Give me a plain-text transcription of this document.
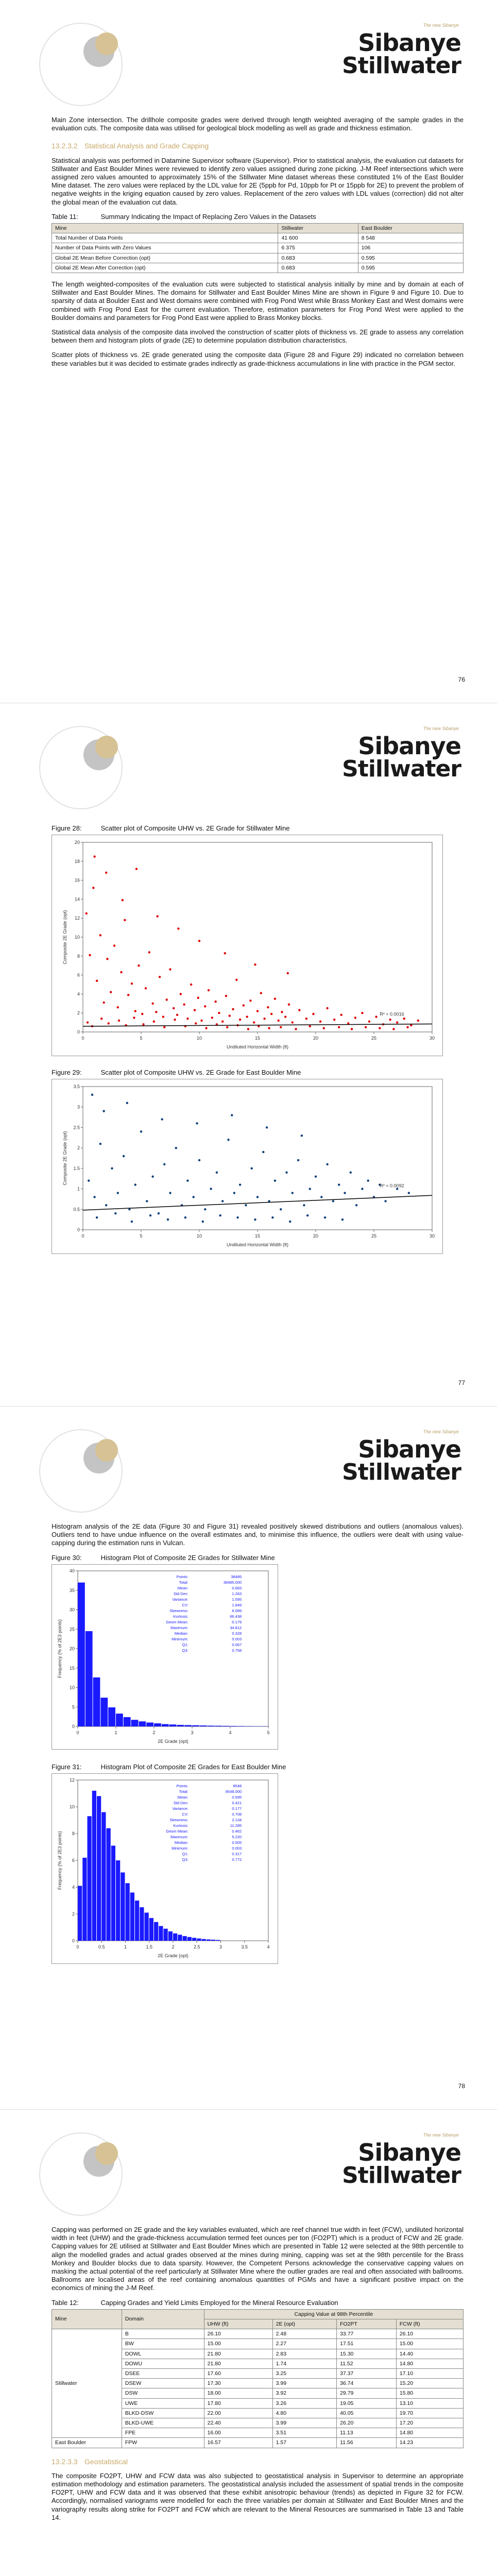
The new Sibanye
Sibanye
Stillwater

Main Zone intersection. The drillhole composite grades were derived through length weighted averaging of the sample grades in the evaluation cuts. The composite data was utilised for geological block modelling as well as grade and thickness estimation.

13.2.3.2 Statistical Analysis and Grade Capping

Statistical analysis was performed in Datamine Supervisor software (Supervisor). Prior to statistical analysis, the evaluation cut datasets for Stillwater and East Boulder Mines were reviewed to identify zero values assigned during zone picking. J-M Reef intersections which were assigned zero values amounted to approximately 15% of the Stillwater Mine dataset whereas these constituted 1% of the East Boulder Mine dataset. The zero values were replaced by the LDL value for 2E (5ppb for Pd, 10ppb for Pt or 15ppb for 2E) to prevent the problem of negative weights in the kriging equation caused by zero values. Replacement of the zero values with LDL values (correction) did not alter the global mean of the evaluation cut data.

Table 11:	Summary Indicating the Impact of Replacing Zero Values in the Datasets
Mine	Stillwater	East Boulder
Total Number of Data Points	41 600	8 548
Number of Data Points with Zero Values	6 375	106
Global 2E Mean Before Correction (opt)	0.683	0.595
Global 2E Mean After Correction (opt)	0.683	0.595

The length weighted-composites of the evaluation cuts were subjected to statistical analysis initially by mine and by domain at each of Stillwater and East Boulder Mines. The domains for Stillwater and East Boulder Mines Mine are shown in Figure 9 and Figure 10. Due to sparsity of data at Boulder East and West domains were combined with Frog Pond West while Brass Monkey East and West domains were combined with Frog Pond East for the current evaluation. Therefore, estimation parameters for Frog Pond West were applied to the Boulder domains and parameters for Frog Pond East were applied to Brass Monkey blocks.

Statistical data analysis of the composite data involved the construction of scatter plots of thickness vs. 2E grade to assess any correlation between them and histogram plots of grade (2E) to determine population distribution characteristics.

Scatter plots of thickness vs. 2E grade generated using the composite data (Figure 28 and Figure 29) indicated no correlation between these variables but it was decided to estimate grades indirectly as grade-thickness accumulations in line with practice in the PGM sector.

76
The new Sibanye
Sibanye
Stillwater
Figure 28:	Scatter plot of Composite UHW vs. 2E Grade for Stillwater Mine
0	5	10	15	20	25	30
0
2
4
6
8
10
12
14
16
18
20
Undiluted Horizontal Width (ft)
Composite 2E Grade (opt)
R² = 0.0016
Figure 29:	Scatter plot of Composite UHW vs. 2E Grade for East Boulder Mine
0	5	10	15	20	25	30
0
0.5
1
1.5
2
2.5
3
3.5
Undiluted Horizontal Width (ft)
Composite 2E Grade (opt)
R² = 0.0092
77
The new Sibanye
Sibanye
Stillwater

Histogram analysis of the 2E data (Figure 30 and Figure 31) revealed positively skewed distributions and outliers (anomalous values). Outliers tend to have undue influence on the overall estimates and, to minimise this influence, the outliers were dealt with using value-capping during the estimation runs in Vulcan.

Figure 30:	Histogram Plot of Composite 2E Grades for Stillwater Mine
0	1	2	3	4	5
0
5
10
15
20
25
30
35
40
2E Grade (opt)
Frequency (% of 2E3 points)
Points:	38485
Total:	38485.000
Mean:	0.683
Std Dev:	1.263
Variance:	1.595
CV:	1.849
Skewness:	6.089
Kurtosis:	66.438
Geom Mean:	0.179
Maximum:	34.812
Median:	0.328
Minimum:	0.003
Q1:	0.067
Q3:	0.758
Figure 31:	Histogram Plot of Composite 2E Grades for East Boulder Mine
0	0.5	1	1.5	2	2.5	3	3.5	4
0
2
4
6
8
10
12
2E Grade (opt)
Frequency (% of 2E3 points)
Points:	8548
Total:	8548.000
Mean:	0.595
Std Dev:	0.421
Variance:	0.177
CV:	0.708
Skewness:	2.134
Kurtosis:	11.285
Geom Mean:	0.462
Maximum:	5.220
Median:	0.505
Minimum:	0.003
Q1:	0.317
Q3:	0.772
78
The new Sibanye
Sibanye
Stillwater

Capping was performed on 2E grade and the key variables evaluated, which are reef channel true width in feet (FCW), undiluted horizontal width in feet (UHW) and the grade-thickness accumulation termed feet ounces per ton (FO2PT) which is a product of FCW and 2E grade. Capping values for 2E utilised at Stillwater and East Boulder Mines which are presented in Table 12 were selected at the 98th percentile to align the modelled grades and actual grades observed at the mines during mining, capping was set at the 98th percentile for the Brass Monkey and Boulder blocks due to data sparsity. However, the Competent Persons acknowledge the conservative capping values on masking the actual potential of the reef particularly at Stillwater Mine where the outlier grades are real and often associated with ballrooms. Ballrooms are localised areas of the reef containing anomalous quantities of PGMs and have a significant positive impact on the economics of mining the J-M Reef.

Table 12:	Capping Grades and Yield Limits Employed for the Mineral Resource Evaluation
Mine	Domain	Capping Value at 98th Percentile			
		UHW (ft)	2E (opt)	FO2PT	FCW (ft)
Stillwater	B	26.10	2.48	33.77	26.10
	BW	15.00	2.27	17.51	15.00
	DOWL	21.80	2.83	15.30	14.40
	DOWU	21.80	1.74	11.52	14.80
	DSEE	17.60	3.25	37.37	17.10
	DSEW	17.30	3.99	36.74	15.20
	DSW	18.00	3.92	29.79	15.80
	UWE	17.80	3.26	19.05	13.10
	BLKD-DSW	22.00	4.80	40.05	19.70
	BLKD-UWE	22.40	3.99	26.20	17.20
	FPE	16.00	3.51	11.13	14.80
East Boulder	FPW	16.57	1.57	11.56	14.23
13.2.3.3 Geostatistical

The composite FO2PT, UHW and FCW data was also subjected to geostatistical analysis in Supervisor to determine an appropriate estimation methodology and estimation parameters. The geostatistical analysis included the assessment of spatial trends in the composite FO2PT, UHW and FCW data and it was observed that these exhibit anisotropic behaviour (trends) as depicted in Figure 32 for FCW. Accordingly, normalised variograms were modelled for each the three variables per domain at Stillwater and East Boulder Mines and the variography results along strike for FO2PT and FCW which are relevant to the Mineral Resources are summarised in Table 13 and Table 14.
